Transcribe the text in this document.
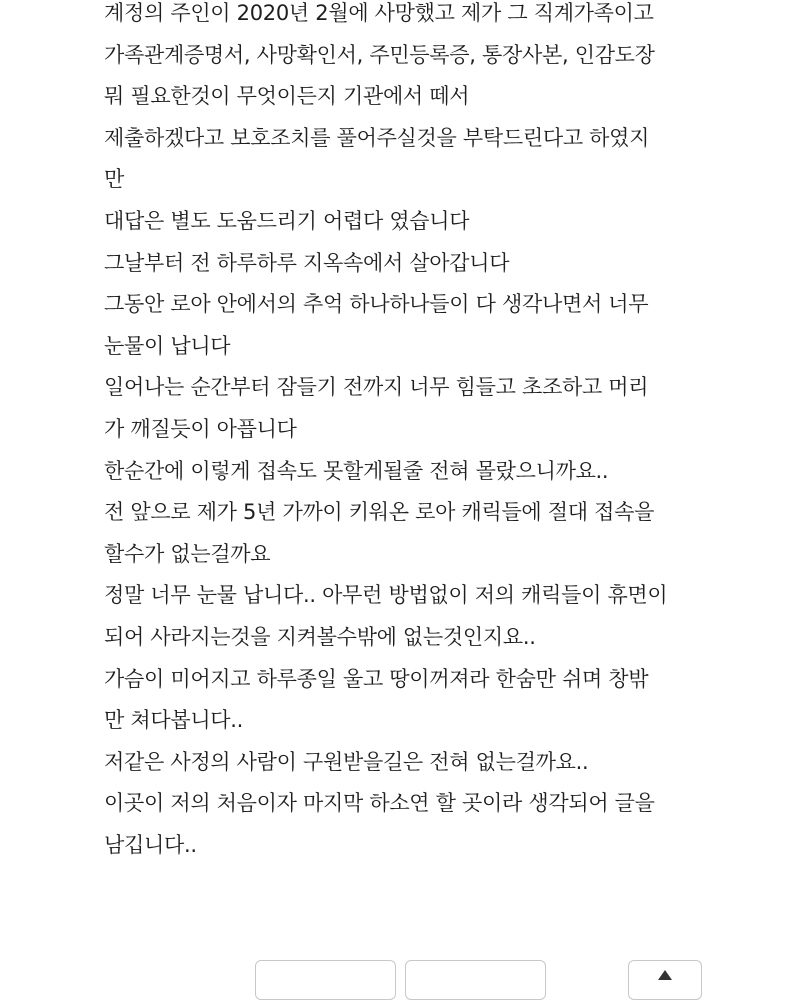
계정의 주인이 2020년 2월에 사망했고 제가 그 직계가족이고
가족관계증명서, 사망확인서, 주민등록증, 통장사본, 인감도장
뭐 필요한것이 무엇이든지 기관에서 떼서
제출하겠다고 보호조치를 풀어주실것을 부탁드린다고 하였지
만
대답은 별도 도움드리기 어렵다 였습니다
그날부터 전 하루하루 지옥속에서 살아갑니다
그동안 로아 안에서의 추억 하나하나들이 다 생각나면서 너무
눈물이 납니다
일어나는 순간부터 잠들기 전까지 너무 힘들고 초조하고 머리
가 깨질듯이 아픕니다
한순간에 이렇게 접속도 못할게될줄 전혀 몰랐으니까요..
전 앞으로 제가 5년 가까이 키워온 로아 캐릭들에 절대 접속을
할수가 없는걸까요
정말 너무 눈물 납니다.. 아무런 방법없이 저의 캐릭들이 휴면이
되어 사라지는것을 지켜볼수밖에 없는것인지요..
가슴이 미어지고 하루종일 울고 땅이꺼져라 한숨만 쉬며 창밖
만 쳐다봅니다..
저같은 사정의 사람이 구원받을길은 전혀 없는걸까요..
이곳이 저의 처음이자 마지막 하소연 할 곳이라 생각되어 글을
남깁니다..
